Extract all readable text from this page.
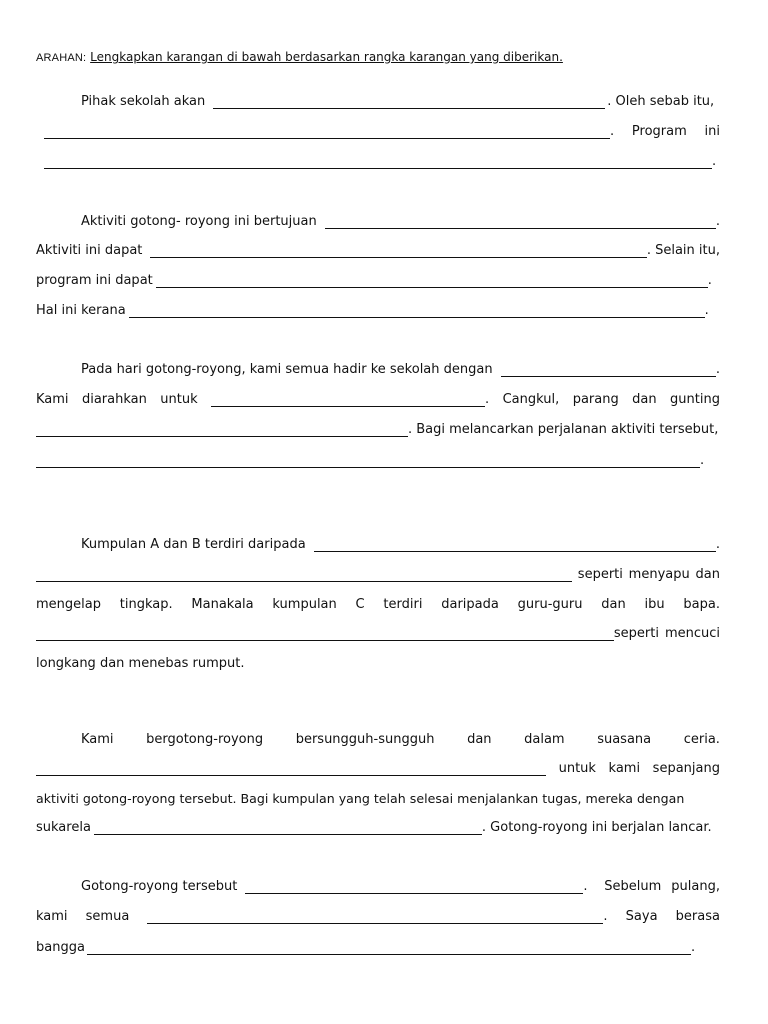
ARAHAN: Lengkapkan karangan di bawah berdasarkan rangka karangan yang diberikan.
Pihak sekolah akan	. Oleh sebab itu,
. Program ini
.
Aktiviti gotong- royong ini bertujuan	.
Aktiviti ini dapat	. Selain itu,
program ini dapat	.
Hal ini kerana	.
Pada hari gotong-royong, kami semua hadir ke sekolah dengan	.
Kami diarahkan untuk	. Cangkul, parang dan gunting
. Bagi melancarkan perjalanan aktiviti tersebut,
.
Kumpulan A dan B terdiri daripada	.
seperti menyapu dan
mengelap tingkap. Manakala kumpulan C terdiri daripada guru-guru dan ibu bapa.
seperti mencuci
longkang dan menebas rumput.
Kami	bergotong-royong	bersungguh-sungguh	dan	dalam	suasana	ceria.
untuk kami sepanjang
aktiviti gotong-royong tersebut. Bagi kumpulan yang telah selesai menjalankan tugas, mereka dengan
sukarela	. Gotong-royong ini berjalan lancar.
Gotong-royong tersebut	. Sebelum pulang,
kami semua	. Saya berasa
bangga	.
